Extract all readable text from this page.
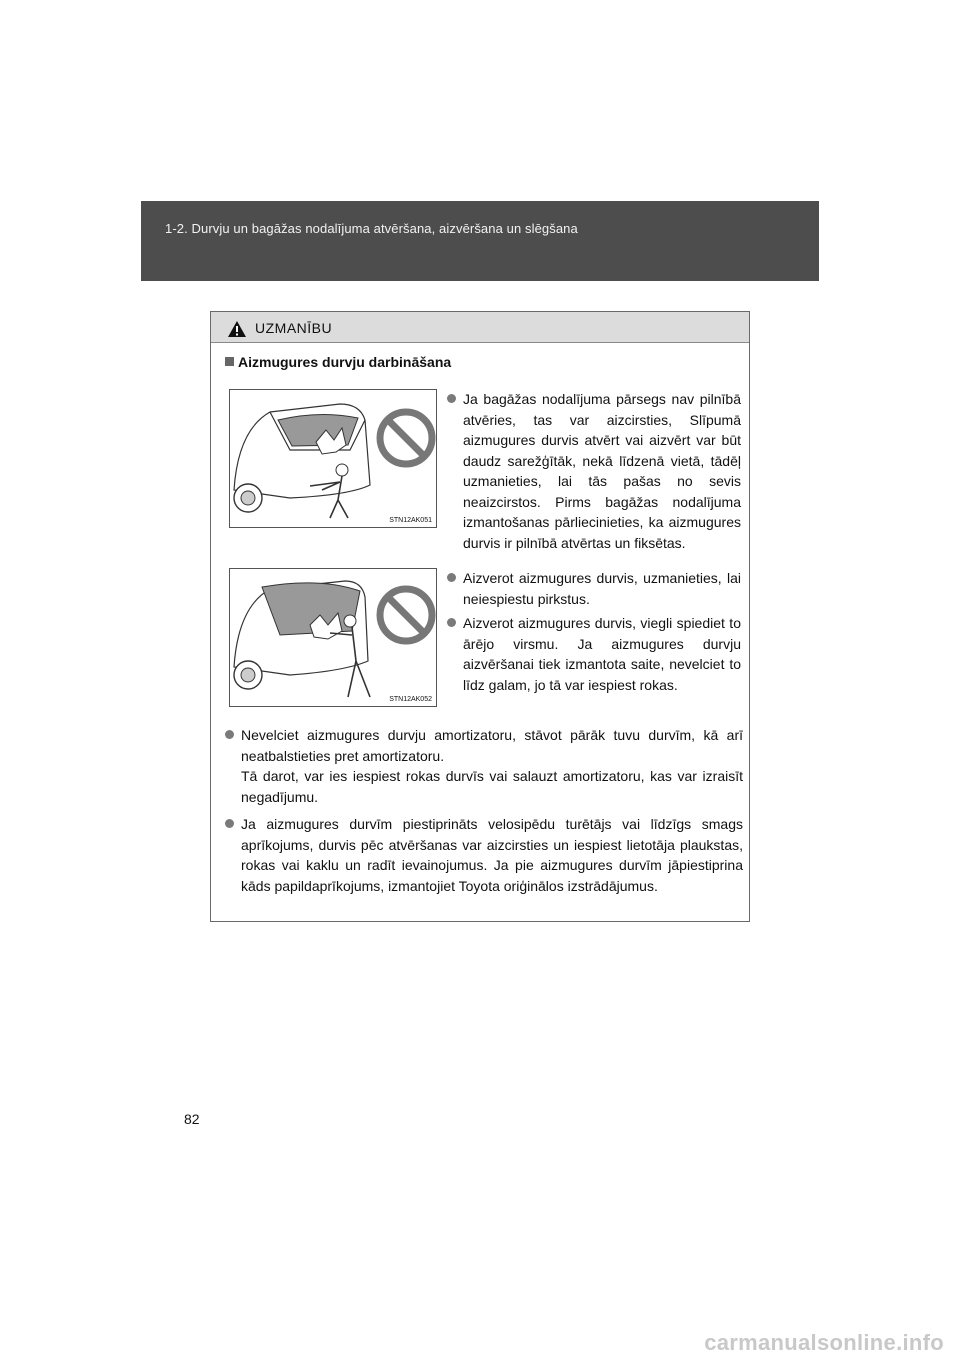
1-2. Durvju un bagāžas nodalījuma atvēršana, aizvēršana un slēgšana
UZMANĪBU
Aizmugures durvju darbināšana
STN12AK051
STN12AK052
Ja bagāžas nodalījuma pārsegs nav pilnībā atvēries, tas var aizcirsties, Slīpumā aizmugures durvis atvērt vai aizvērt var būt daudz sarežģītāk, nekā līdzenā vietā, tādēļ uzmanieties, lai tās pašas no sevis neaizcirstos. Pirms bagāžas nodalījuma izmantošanas pārliecinieties, ka aizmugures durvis ir pilnībā atvērtas un fiksētas.
Aizverot aizmugures durvis, uzmanieties, lai neiespiestu pirkstus.
Aizverot aizmugures durvis, viegli spiediet to ārējo virsmu. Ja aizmugures durvju aizvēršanai tiek izmantota saite, nevelciet to līdz galam, jo tā var iespiest rokas.
Nevelciet aizmugures durvju amortizatoru, stāvot pārāk tuvu durvīm, kā arī neatbalstieties pret amortizatoru.
Tā darot, var ies iespiest rokas durvīs vai salauzt amortizatoru, kas var izraisīt negadījumu.
Ja aizmugures durvīm piestiprināts velosipēdu turētājs vai līdzīgs smags aprīkojums, durvis pēc atvēršanas var aizcirsties un iespiest lietotāja plaukstas, rokas vai kaklu un radīt ievainojumus. Ja pie aizmugures durvīm jāpiestiprina kāds papildaprīkojums, izmantojiet Toyota oriģinālos izstrādājumus.
82
carmanualsonline.info
